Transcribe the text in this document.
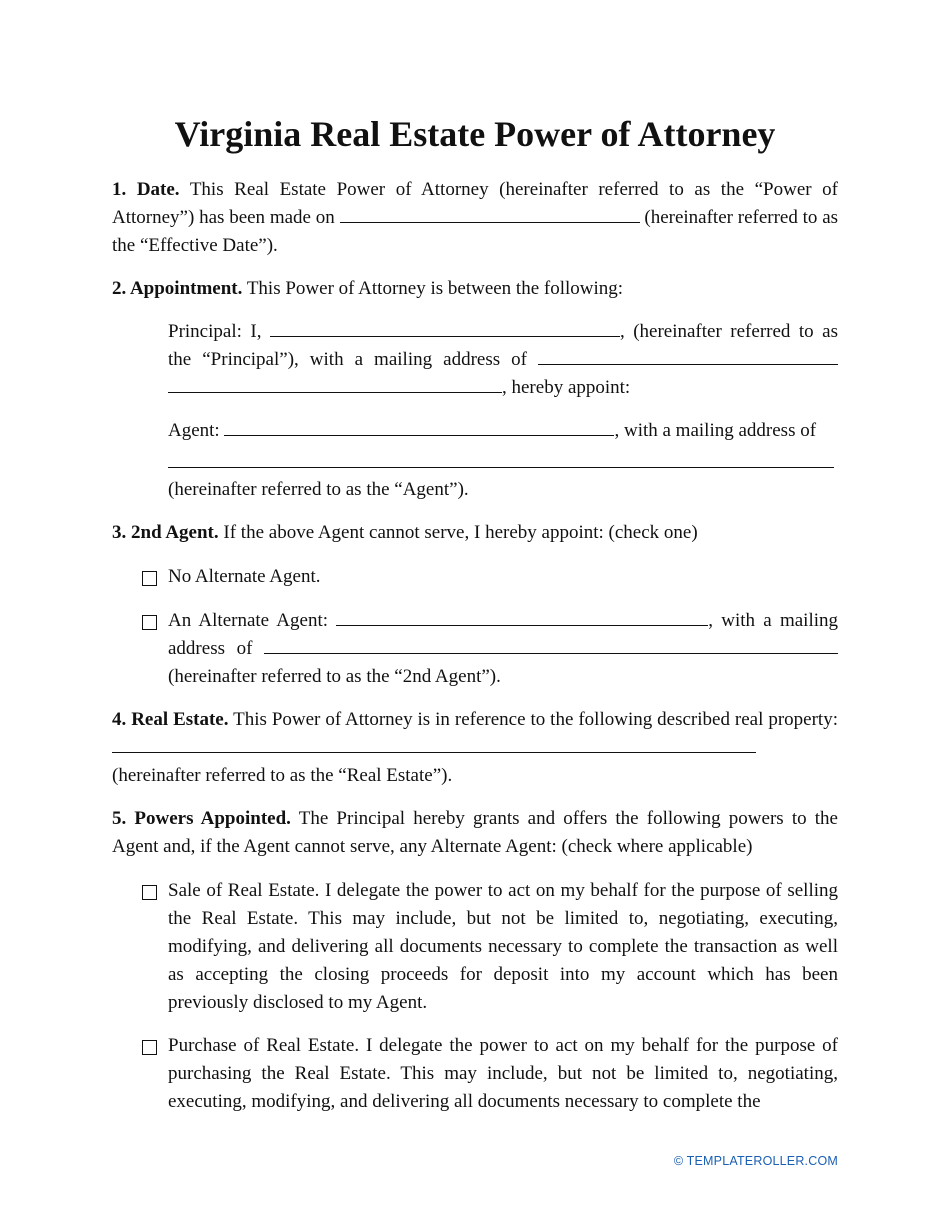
Virginia Real Estate Power of Attorney

1. Date. This Real Estate Power of Attorney (hereinafter referred to as the “Power of Attorney”) has been made on	(hereinafter referred to as the “Effective Date”).

2. Appointment. This Power of Attorney is between the following:

Principal: I,	, (hereinafter referred to as the “Principal”), with a mailing address of  , hereby appoint:

Agent:	, with a mailing address of
(hereinafter referred to as the “Agent”).

3. 2nd Agent. If the above Agent cannot serve, I hereby appoint: (check one)

No Alternate Agent.

An Alternate Agent:	, with a mailing address of  (hereinafter referred to as the “2nd Agent”).

4. Real Estate. This Power of Attorney is in reference to the following described real property:  (hereinafter referred to as the “Real Estate”).

5. Powers Appointed. The Principal hereby grants and offers the following powers to the Agent and, if the Agent cannot serve, any Alternate Agent: (check where applicable)

Sale of Real Estate. I delegate the power to act on my behalf for the purpose of selling the Real Estate. This may include, but not be limited to, negotiating, executing, modifying, and delivering all documents necessary to complete the transaction as well as accepting the closing proceeds for deposit into my account which has been previously disclosed to my Agent.

Purchase of Real Estate. I delegate the power to act on my behalf for the purpose of purchasing the Real Estate. This may include, but not be limited to, negotiating, executing, modifying, and delivering all documents necessary to complete the

© TEMPLATEROLLER.COM
